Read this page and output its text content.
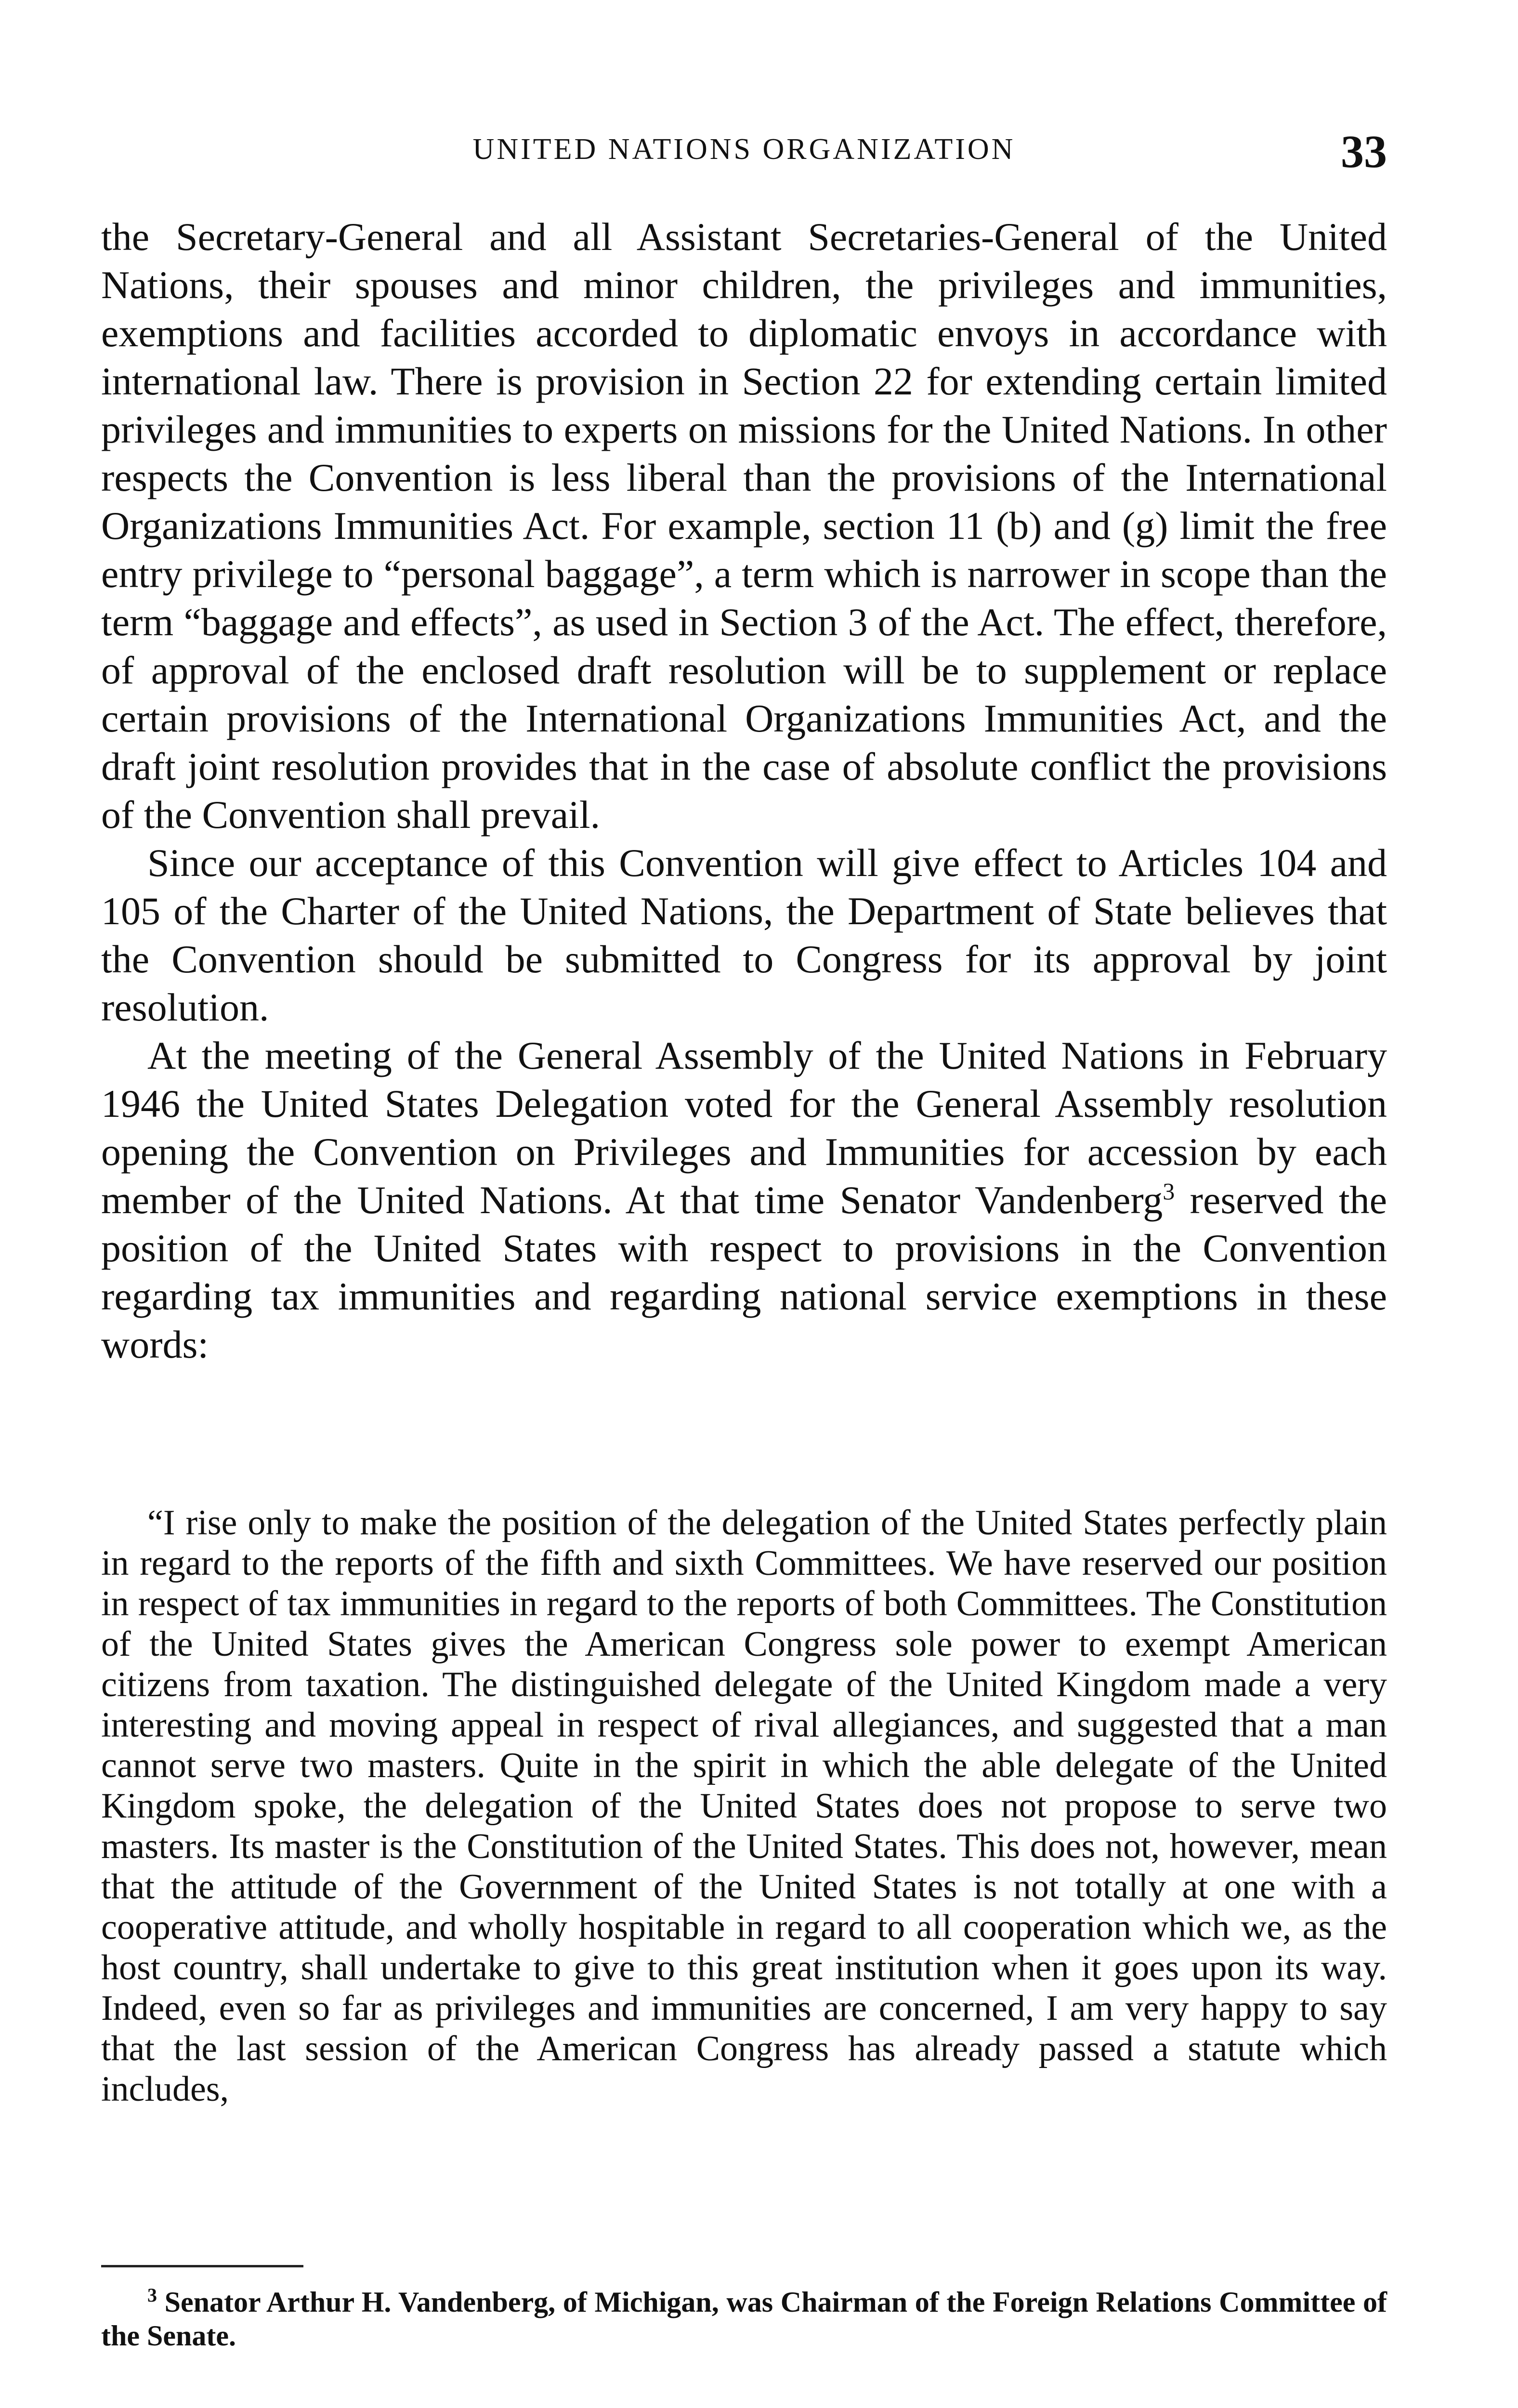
UNITED NATIONS ORGANIZATION	33

the Secretary-General and all Assistant Secretaries-General of the United Nations, their spouses and minor children, the privileges and immunities, exemptions and facilities accorded to diplomatic envoys in accordance with international law. There is provision in Section 22 for extending certain limited privileges and immunities to experts on missions for the United Nations. In other respects the Convention is less liberal than the provisions of the International Organizations Immunities Act. For example, section 11 (b) and (g) limit the free entry privilege to “personal baggage”, a term which is narrower in scope than the term “baggage and effects”, as used in Section 3 of the Act. The effect, therefore, of approval of the enclosed draft resolution will be to supplement or replace certain provisions of the International Organizations Immunities Act, and the draft joint resolution provides that in the case of absolute conflict the provisions of the Convention shall prevail.

Since our acceptance of this Convention will give effect to Articles 104 and 105 of the Charter of the United Nations, the Department of State believes that the Convention should be submitted to Congress for its approval by joint resolution.

At the meeting of the General Assembly of the United Nations in February 1946 the United States Delegation voted for the General Assembly resolution opening the Convention on Privileges and Immunities for accession by each member of the United Nations. At that time Senator Vandenberg$^3$ reserved the position of the United States with respect to provisions in the Convention regarding tax immunities and regarding national service exemptions in these words:

“I rise only to make the position of the delegation of the United States perfectly plain in regard to the reports of the fifth and sixth Committees. We have reserved our position in respect of tax immunities in regard to the reports of both Committees. The Constitution of the United States gives the American Congress sole power to exempt American citizens from taxation. The distinguished delegate of the United Kingdom made a very interesting and moving appeal in respect of rival allegiances, and suggested that a man cannot serve two masters. Quite in the spirit in which the able delegate of the United Kingdom spoke, the delegation of the United States does not propose to serve two masters. Its master is the Constitution of the United States. This does not, however, mean that the attitude of the Government of the United States is not totally at one with a cooperative attitude, and wholly hospitable in regard to all cooperation which we, as the host country, shall undertake to give to this great institution when it goes upon its way. Indeed, even so far as privileges and immunities are concerned, I am very happy to say that the last session of the American Congress has already passed a statute which includes,

$^3$ Senator Arthur H. Vandenberg, of Michigan, was Chairman of the Foreign Relations Committee of the Senate.
